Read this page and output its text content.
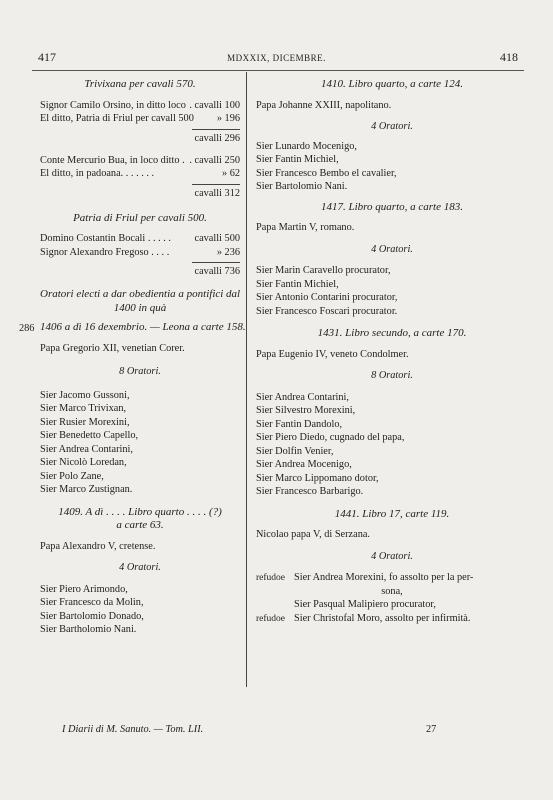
417	MDXXIX, DICEMBRE.	418
286
Trivixana per cavali 570.
Signor Camilo Orsino, in ditto loco . cavalli 100
El ditto, Patria di Friul per cavall 500 » 196
cavalli 296
Conte Mercurio Bua, in loco ditto . . cavalli 250
El ditto, in padoana. . . . . . .	» 62
cavalli 312
Patria di Friul per cavali 500.
Domino Costantin Bocali . . . . . cavalli 500
Signor Alexandro Fregoso . . . .	» 236
cavalli 736
Oratori electi a dar obedientia a pontifici dal
1400 in quà
1406 a dì 16 dexembrio. — Leona a carte 158.
Papa Gregorio XII, venetian Corer.
8 Oratori.
Sier Jacomo Gussoni,
Sier Marco Trivixan,
Sier Rusier Morexini,
Sier Benedetto Capello,
Sier Andrea Contarini,
Sier Nicolò Loredan,
Sier Polo Zane,
Sier Marco Zustignan.
1409. A dì . . . . Libro quarto . . . . (?)
a carte 63.
Papa Alexandro V, cretense.
4 Oratori.
Sier Piero Arimondo,
Sier Francesco da Molin,
Sier Bartolomio Donado,
Sier Bartholomio Nani.
1410. Libro quarto, a carte 124.
Papa Johanne XXIII, napolitano.
4 Oratori.
Sier Lunardo Mocenigo,
Sier Fantin Michiel,
Sier Francesco Bembo el cavalier,
Sier Bartolomio Nani.
1417. Libro quarto, a carte 183.
Papa Martin V, romano.
4 Oratori.
Sier Marin Caravello procurator,
Sier Fantin Michiel,
Sier Antonio Contarini procurator,
Sier Francesco Foscari procurator.
1431. Libro secundo, a carte 170.
Papa Eugenio IV, veneto Condolmer.
8 Oratori.
Sier Andrea Contarini,
Sier Silvestro Morexini,
Sier Fantin Dandolo,
Sier Piero Diedo, cugnado del papa,
Sier Dolfin Venier,
Sier Andrea Mocenigo,
Sier Marco Lippomano dotor,
Sier Francesco Barbarigo.
1441. Libro 17, carte 119.
Nicolao papa V, di Serzana.
4 Oratori.
refudoe Sier Andrea Morexini, fo assolto per la per-
sona,
Sier Pasqual Malipiero procurator,
refudoe Sier Christofal Moro, assolto per infirmità.
I Diarii di M. Sanuto. — Tom. LII.	27
